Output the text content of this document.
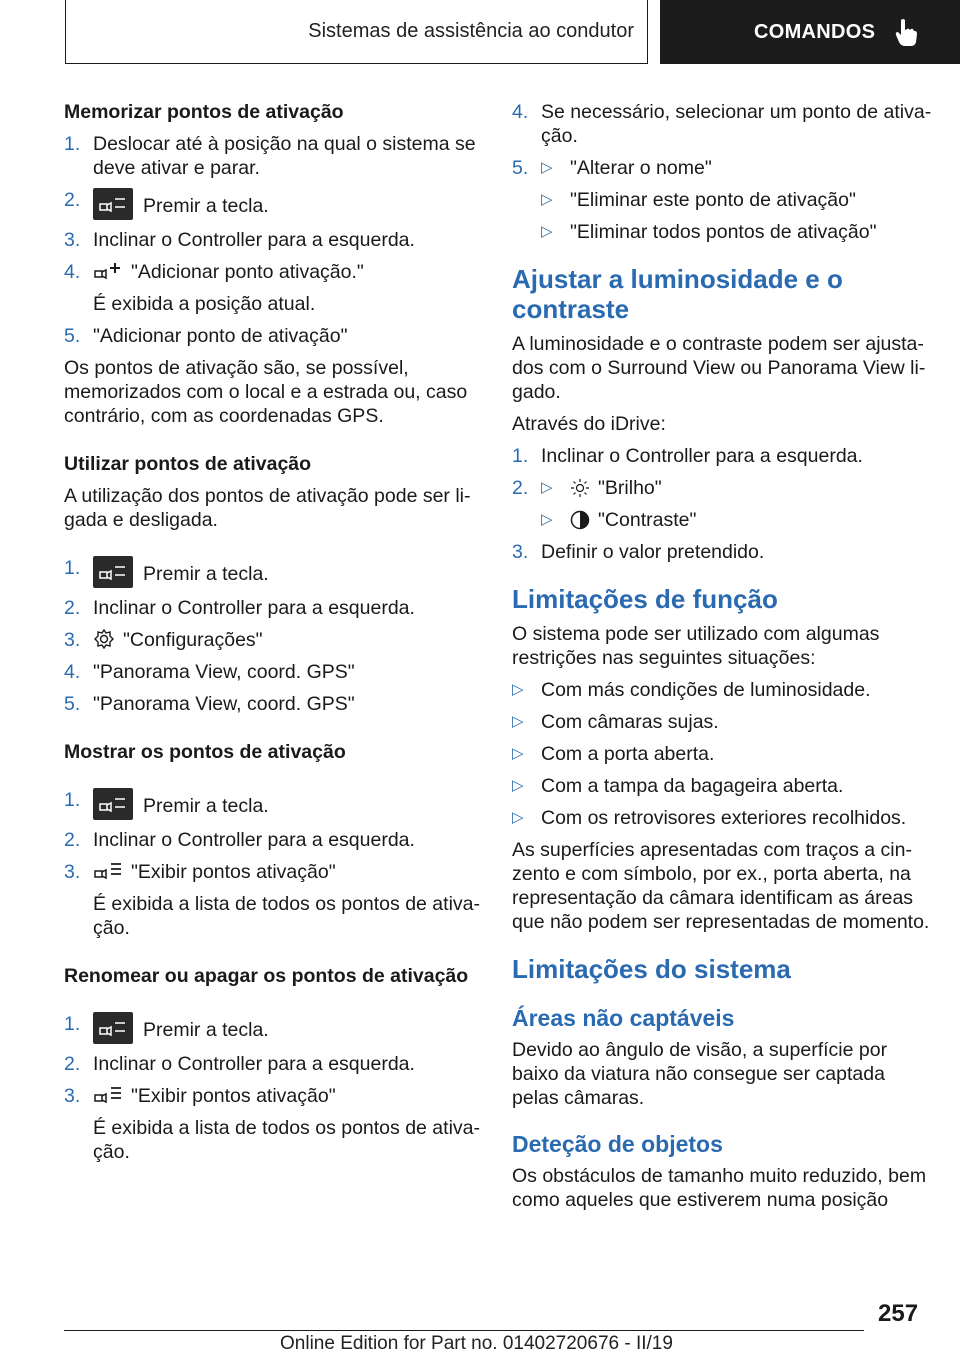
Sistemas de assistência ao condutor	COMANDOS
Memorizar pontos de ativação
1. Deslocar até à posição na qual o sistema se deve ativar e parar.
2.	Premir a tecla.
3. Inclinar o Controller para a esquerda.
4.	"Adicionar ponto ativação."
É exibida a posição atual.
5. "Adicionar ponto de ativação"

Os pontos de ativação são, se possível, memorizados com o local e a estrada ou, caso contrário, com as coordenadas GPS.

Utilizar pontos de ativação

A utilização dos pontos de ativação pode ser ligada e desligada.

1.	Premir a tecla.
2. Inclinar o Controller para a esquerda.
3. "Configurações"
4. "Panorama View, coord. GPS"
5. "Panorama View, coord. GPS"
Mostrar os pontos de ativação
1.	Premir a tecla.
2. Inclinar o Controller para a esquerda.
3.	"Exibir pontos ativação"
É exibida a lista de todos os pontos de ativação.
Renomear ou apagar os pontos de ativação
1.	Premir a tecla.
2. Inclinar o Controller para a esquerda.
3.	"Exibir pontos ativação"
É exibida a lista de todos os pontos de ativação.
4. Se necessário, selecionar um ponto de ativação.
5. ▷ "Alterar o nome"
▷ "Eliminar este ponto de ativação"
▷ "Eliminar todos pontos de ativação"
Ajustar a luminosidade e o contraste

A luminosidade e o contraste podem ser ajustados com o Surround View ou Panorama View ligado.

Através do iDrive:

1. Inclinar o Controller para a esquerda.
2. ▷ "Brilho"
▷ "Contraste"
3. Definir o valor pretendido.
Limitações de função

O sistema pode ser utilizado com algumas restrições nas seguintes situações:

▷ Com más condições de luminosidade.
▷ Com câmaras sujas.
▷ Com a porta aberta.
▷ Com a tampa da bagageira aberta.
▷ Com os retrovisores exteriores recolhidos.

As superfícies apresentadas com traços a cinzento e com símbolo, por ex., porta aberta, na representação da câmara identificam as áreas que não podem ser representadas de momento.

Limitações do sistema
Áreas não captáveis

Devido ao ângulo de visão, a superfície por baixo da viatura não consegue ser captada pelas câmaras.

Deteção de objetos

Os obstáculos de tamanho muito reduzido, bem como aqueles que estiverem numa posição

257
Online Edition for Part no. 01402720676 - II/19
